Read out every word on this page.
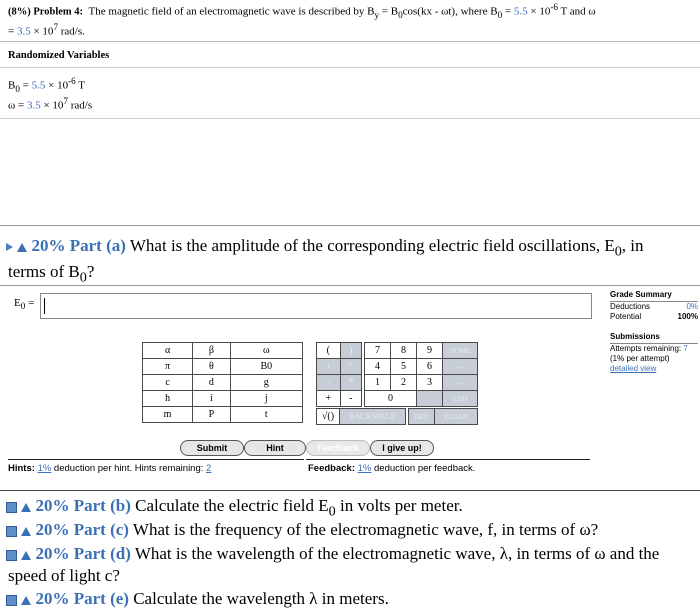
(8%) Problem 4: The magnetic field of an electromagnetic wave is described by $B_y = B_0\cos(kx - \omega t)$, where $B_0 = 5.5 \times 10^{-6}$ T and ω
= $3.5 \times 10^7$ rad/s.
Randomized Variables
$B_0 = 5.5 \times 10^{-6}$ T
$\omega = 3.5 \times 10^7$ rad/s
20% Part (a) What is the amplitude of the corresponding electric field oscillations, $E_0$, in
terms of $B_0$?
$E_0$ =
α	β	ω
π	θ	B0
c	d	g
h	i	j
m	P	t
(	)
↑	^
-	*
+	-
√()	BACKSPACE
7	8	9	HOME
4	5	6	←
1	2	3	→
0		.	END
DEL	CLEAR
Submit	Hint	Feedback	I give up!
Hints: 1% deduction per hint. Hints remaining: 2	Feedback: 1% deduction per feedback.
Grade Summary

Deductions	0%

Potential	100%

Submissions

Attempts remaining: 7
(1% per attempt)
detailed view
20% Part (b) Calculate the electric field $E_0$ in volts per meter.
20% Part (c) What is the frequency of the electromagnetic wave, f, in terms of ω?
20% Part (d) What is the wavelength of the electromagnetic wave, λ, in terms of ω and the
speed of light c?
20% Part (e) Calculate the wavelength λ in meters.
